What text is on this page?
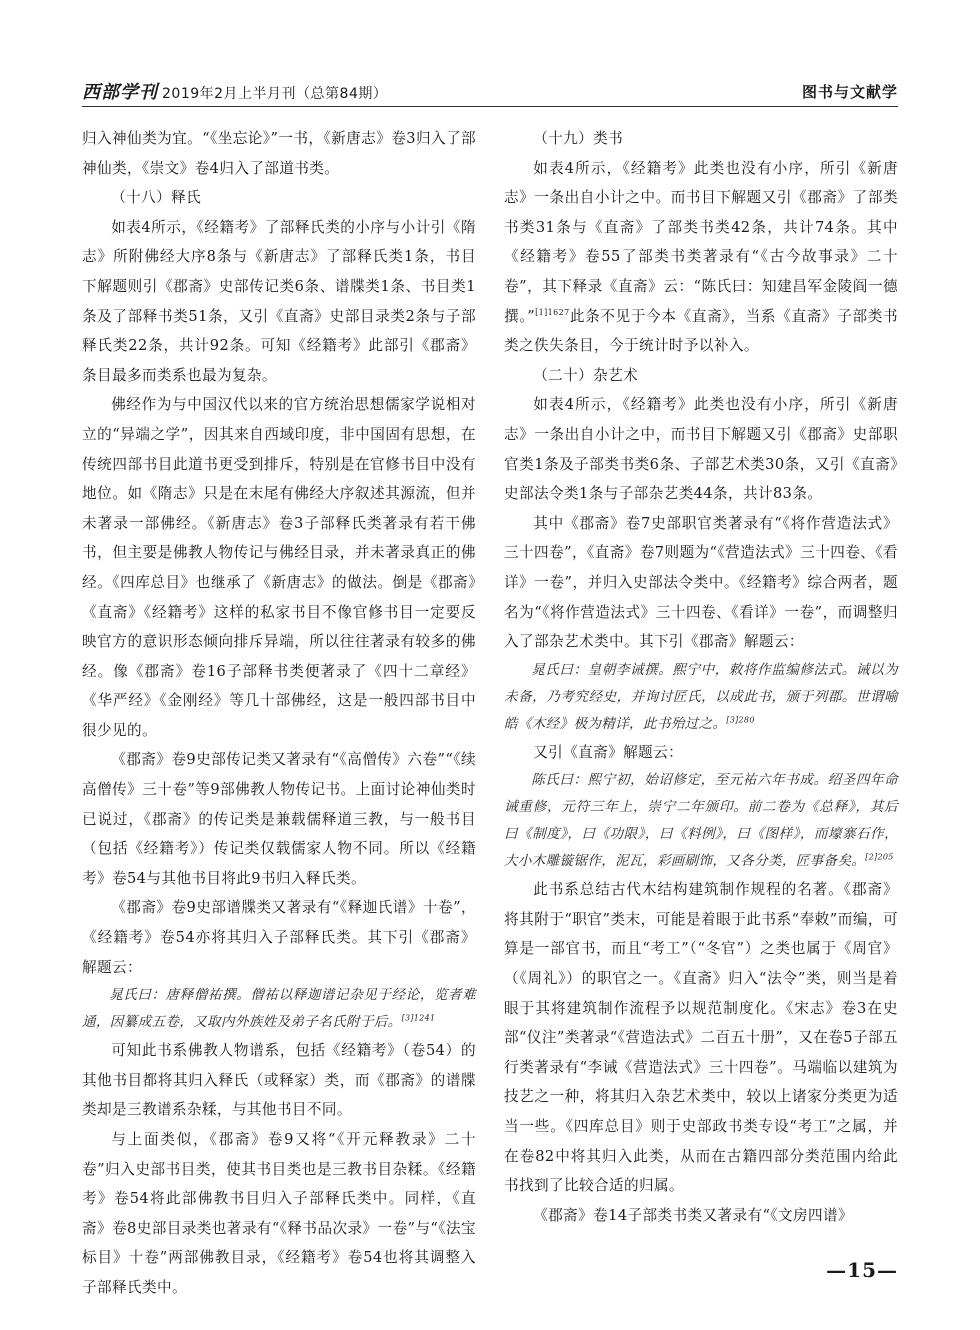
西部学刊 2019年2月上半月刊（总第84期）	图书与文献学

归入神仙类为宜。“《坐忘论》”一书，《新唐志》卷3归入了部神仙类，《崇文》卷4归入了部道书类。

（十八）释氏

如表4所示，《经籍考》了部释氏类的小序与小计引《隋志》所附佛经大序8条与《新唐志》了部释氏类1条，书目下解题则引《郡斋》史部传记类6条、谱牒类1条、书目类1条及了部释书类51条，又引《直斋》史部目录类2条与子部释氏类22条，共计92条。可知《经籍考》此部引《郡斋》条目最多而类系也最为复杂。

佛经作为与中国汉代以来的官方统治思想儒家学说相对立的“异端之学”，因其来自西域印度，非中国固有思想，在传统四部书目此道书更受到排斥，特别是在官修书目中没有地位。如《隋志》只是在末尾有佛经大序叙述其源流，但并未著录一部佛经。《新唐志》卷3子部释氏类著录有若干佛书，但主要是佛教人物传记与佛经目录，并未著录真正的佛经。《四库总目》也继承了《新唐志》的做法。倒是《郡斋》《直斋》《经籍考》这样的私家书目不像官修书目一定要反映官方的意识形态倾向排斥异端，所以往往著录有较多的佛经。像《郡斋》卷16子部释书类便著录了《四十二章经》《华严经》《金刚经》等几十部佛经，这是一般四部书目中很少见的。

《郡斋》卷9史部传记类又著录有“《高僧传》六卷”“《续高僧传》三十卷”等9部佛教人物传记书。上面讨论神仙类时已说过，《郡斋》的传记类是兼载儒释道三教，与一般书目（包括《经籍考》）传记类仅载儒家人物不同。所以《经籍考》卷54与其他书目将此9书归入释氏类。

《郡斋》卷9史部谱牒类又著录有“《释迦氏谱》十卷”，《经籍考》卷54亦将其归入子部释氏类。其下引《郡斋》解题云：

晁氏曰：唐释僧祐撰。僧祐以释迦谱记杂见于经论，览者难通，因纂成五卷，又取内外族姓及弟子名氏附于后。$^{[3]1241}$

可知此书系佛教人物谱系，包括《经籍考》（卷54）的其他书目都将其归入释氏（或释家）类，而《郡斋》的谱牒类却是三教谱系杂糅，与其他书目不同。

与上面类似，《郡斋》卷9又将“《开元释教录》二十卷”归入史部书目类，使其书目类也是三教书目杂糅。《经籍考》卷54将此部佛教书目归入子部释氏类中。同样，《直斋》卷8史部目录类也著录有“《释书品次录》一卷”与“《法宝标目》十卷”两部佛教目录，《经籍考》卷54也将其调整入子部释氏类中。

（十九）类书

如表4所示，《经籍考》此类也没有小序，所引《新唐志》一条出自小计之中。而书目下解题又引《郡斋》了部类书类31条与《直斋》了部类书类42条，共计74条。其中《经籍考》卷55了部类书类著录有“《古今故事录》二十卷”，其下释录《直斋》云：“陈氏曰：知建昌军金陵阎一德撰。”$^{[1]1627}$此条不见于今本《直斋》，当系《直斋》子部类书类之佚失条目，今于统计时予以补入。

（二十）杂艺术

如表4所示，《经籍考》此类也没有小序，所引《新唐志》一条出自小计之中，而书目下解题又引《郡斋》史部职官类1条及子部类书类6条、子部艺术类30条，又引《直斋》史部法令类1条与子部杂艺类44条，共计83条。

其中《郡斋》卷7史部职官类著录有“《将作营造法式》三十四卷”，《直斋》卷7则题为“《营造法式》三十四卷、《看详》一卷”，并归入史部法令类中。《经籍考》综合两者，题名为“《将作营造法式》三十四卷、《看详》一卷”，而调整归入了部杂艺术类中。其下引《郡斋》解题云：

晁氏曰：皇朝李诫撰。熙宁中，敕将作监编修法式。诫以为未备，乃考究经史，并询讨匠氏，以成此书，颁于列郡。世谓喻皓《木经》极为精详，此书殆过之。$^{[3]280}$

又引《直斋》解题云：

陈氏曰：熙宁初，始诏修定，至元祐六年书成。绍圣四年命诫重修，元符三年上，崇宁二年颁印。前二卷为《总释》，其后曰《制度》，曰《功限》，曰《料例》，曰《图样》，而壕寨石作，大小木雕镟锯作，泥瓦，彩画刷饰，又各分类，匠事备矣。$^{[2]205}$

此书系总结古代木结构建筑制作规程的名著。《郡斋》将其附于“职官”类末，可能是着眼于此书系“奉敕”而编，可算是一部官书，而且“考工”（“冬官”）之类也属于《周官》（《周礼》）的职官之一。《直斋》归入“法令”类，则当是着眼于其将建筑制作流程予以规范制度化。《宋志》卷3在史部“仪注”类著录“《营造法式》二百五十册”，又在卷5子部五行类著录有“李诫《营造法式》三十四卷”。马端临以建筑为技艺之一种，将其归入杂艺术类中，较以上诸家分类更为适当一些。《四库总目》则于史部政书类专设“考工”之属，并在卷82中将其归入此类，从而在古籍四部分类范围内给此书找到了比较合适的归属。

《郡斋》卷14子部类书类又著录有“《文房四谱》

—15—
